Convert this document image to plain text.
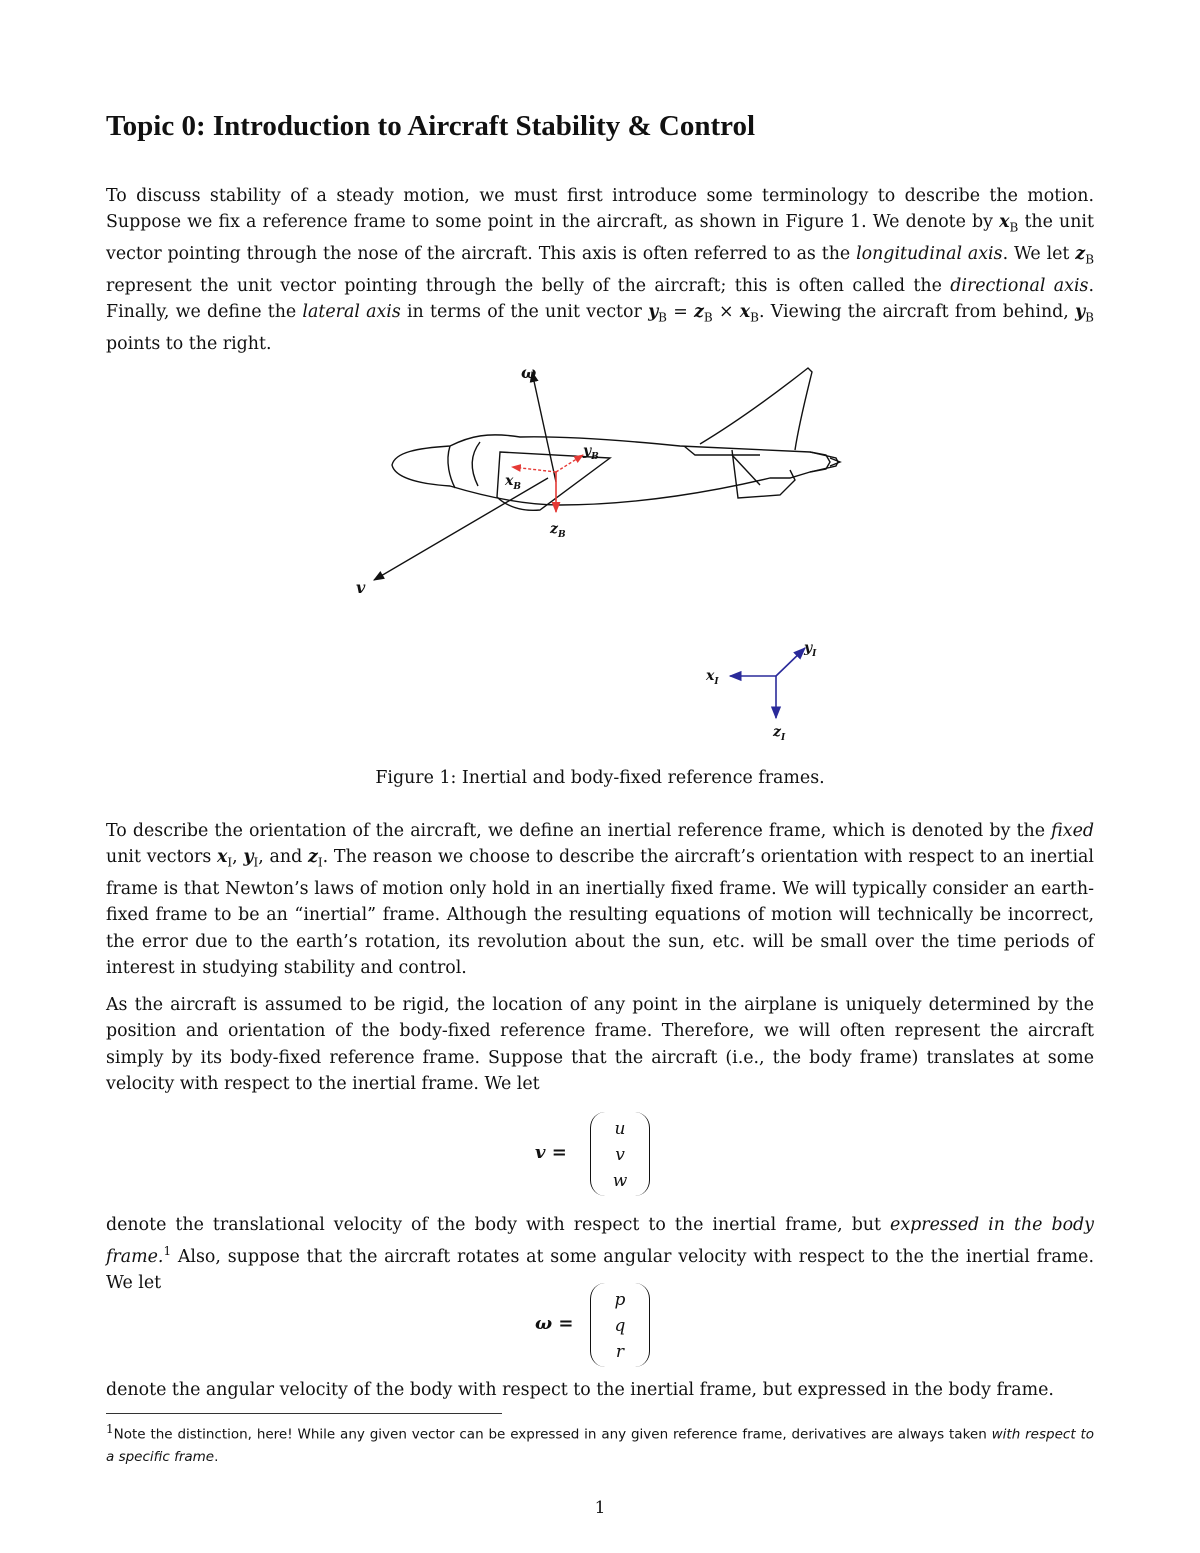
Topic 0: Introduction to Aircraft Stability & Control

To discuss stability of a steady motion, we must first introduce some terminology to describe the motion. Suppose we fix a reference frame to some point in the aircraft, as shown in Figure 1. We denote by $x_B$ the unit vector pointing through the nose of the aircraft. This axis is often referred to as the longitudinal axis. We let $z_B$ represent the unit vector pointing through the belly of the aircraft; this is often called the directional axis. Finally, we define the lateral axis in terms of the unit vector $y_B = z_B \times x_B$. Viewing the aircraft from behind, $y_B$ points to the right.

ω
v
$y_B$
$x_B$
$z_B$
$x_I$
$y_I$
$z_I$

Figure 1: Inertial and body-fixed reference frames.

To describe the orientation of the aircraft, we define an inertial reference frame, which is denoted by the fixed unit vectors $x_I$, $y_I$, and $z_I$. The reason we choose to describe the aircraft’s orientation with respect to an inertial frame is that Newton’s laws of motion only hold in an inertially fixed frame. We will typically consider an earth-fixed frame to be an “inertial” frame. Although the resulting equations of motion will technically be incorrect, the error due to the earth’s rotation, its revolution about the sun, etc. will be small over the time periods of interest in studying stability and control.

As the aircraft is assumed to be rigid, the location of any point in the airplane is uniquely determined by the position and orientation of the body-fixed reference frame. Therefore, we will often represent the aircraft simply by its body-fixed reference frame. Suppose that the aircraft (i.e., the body frame) translates at some velocity with respect to the inertial frame. We let

v =
u
v
w

denote the translational velocity of the body with respect to the inertial frame, but expressed in the body frame.$^1$ Also, suppose that the aircraft rotates at some angular velocity with respect to the the inertial frame. We let

ω =
p
q
r

denote the angular velocity of the body with respect to the inertial frame, but expressed in the body frame.

$^1$Note the distinction, here! While any given vector can be expressed in any given reference frame, derivatives are always taken with respect to a specific frame.

1
